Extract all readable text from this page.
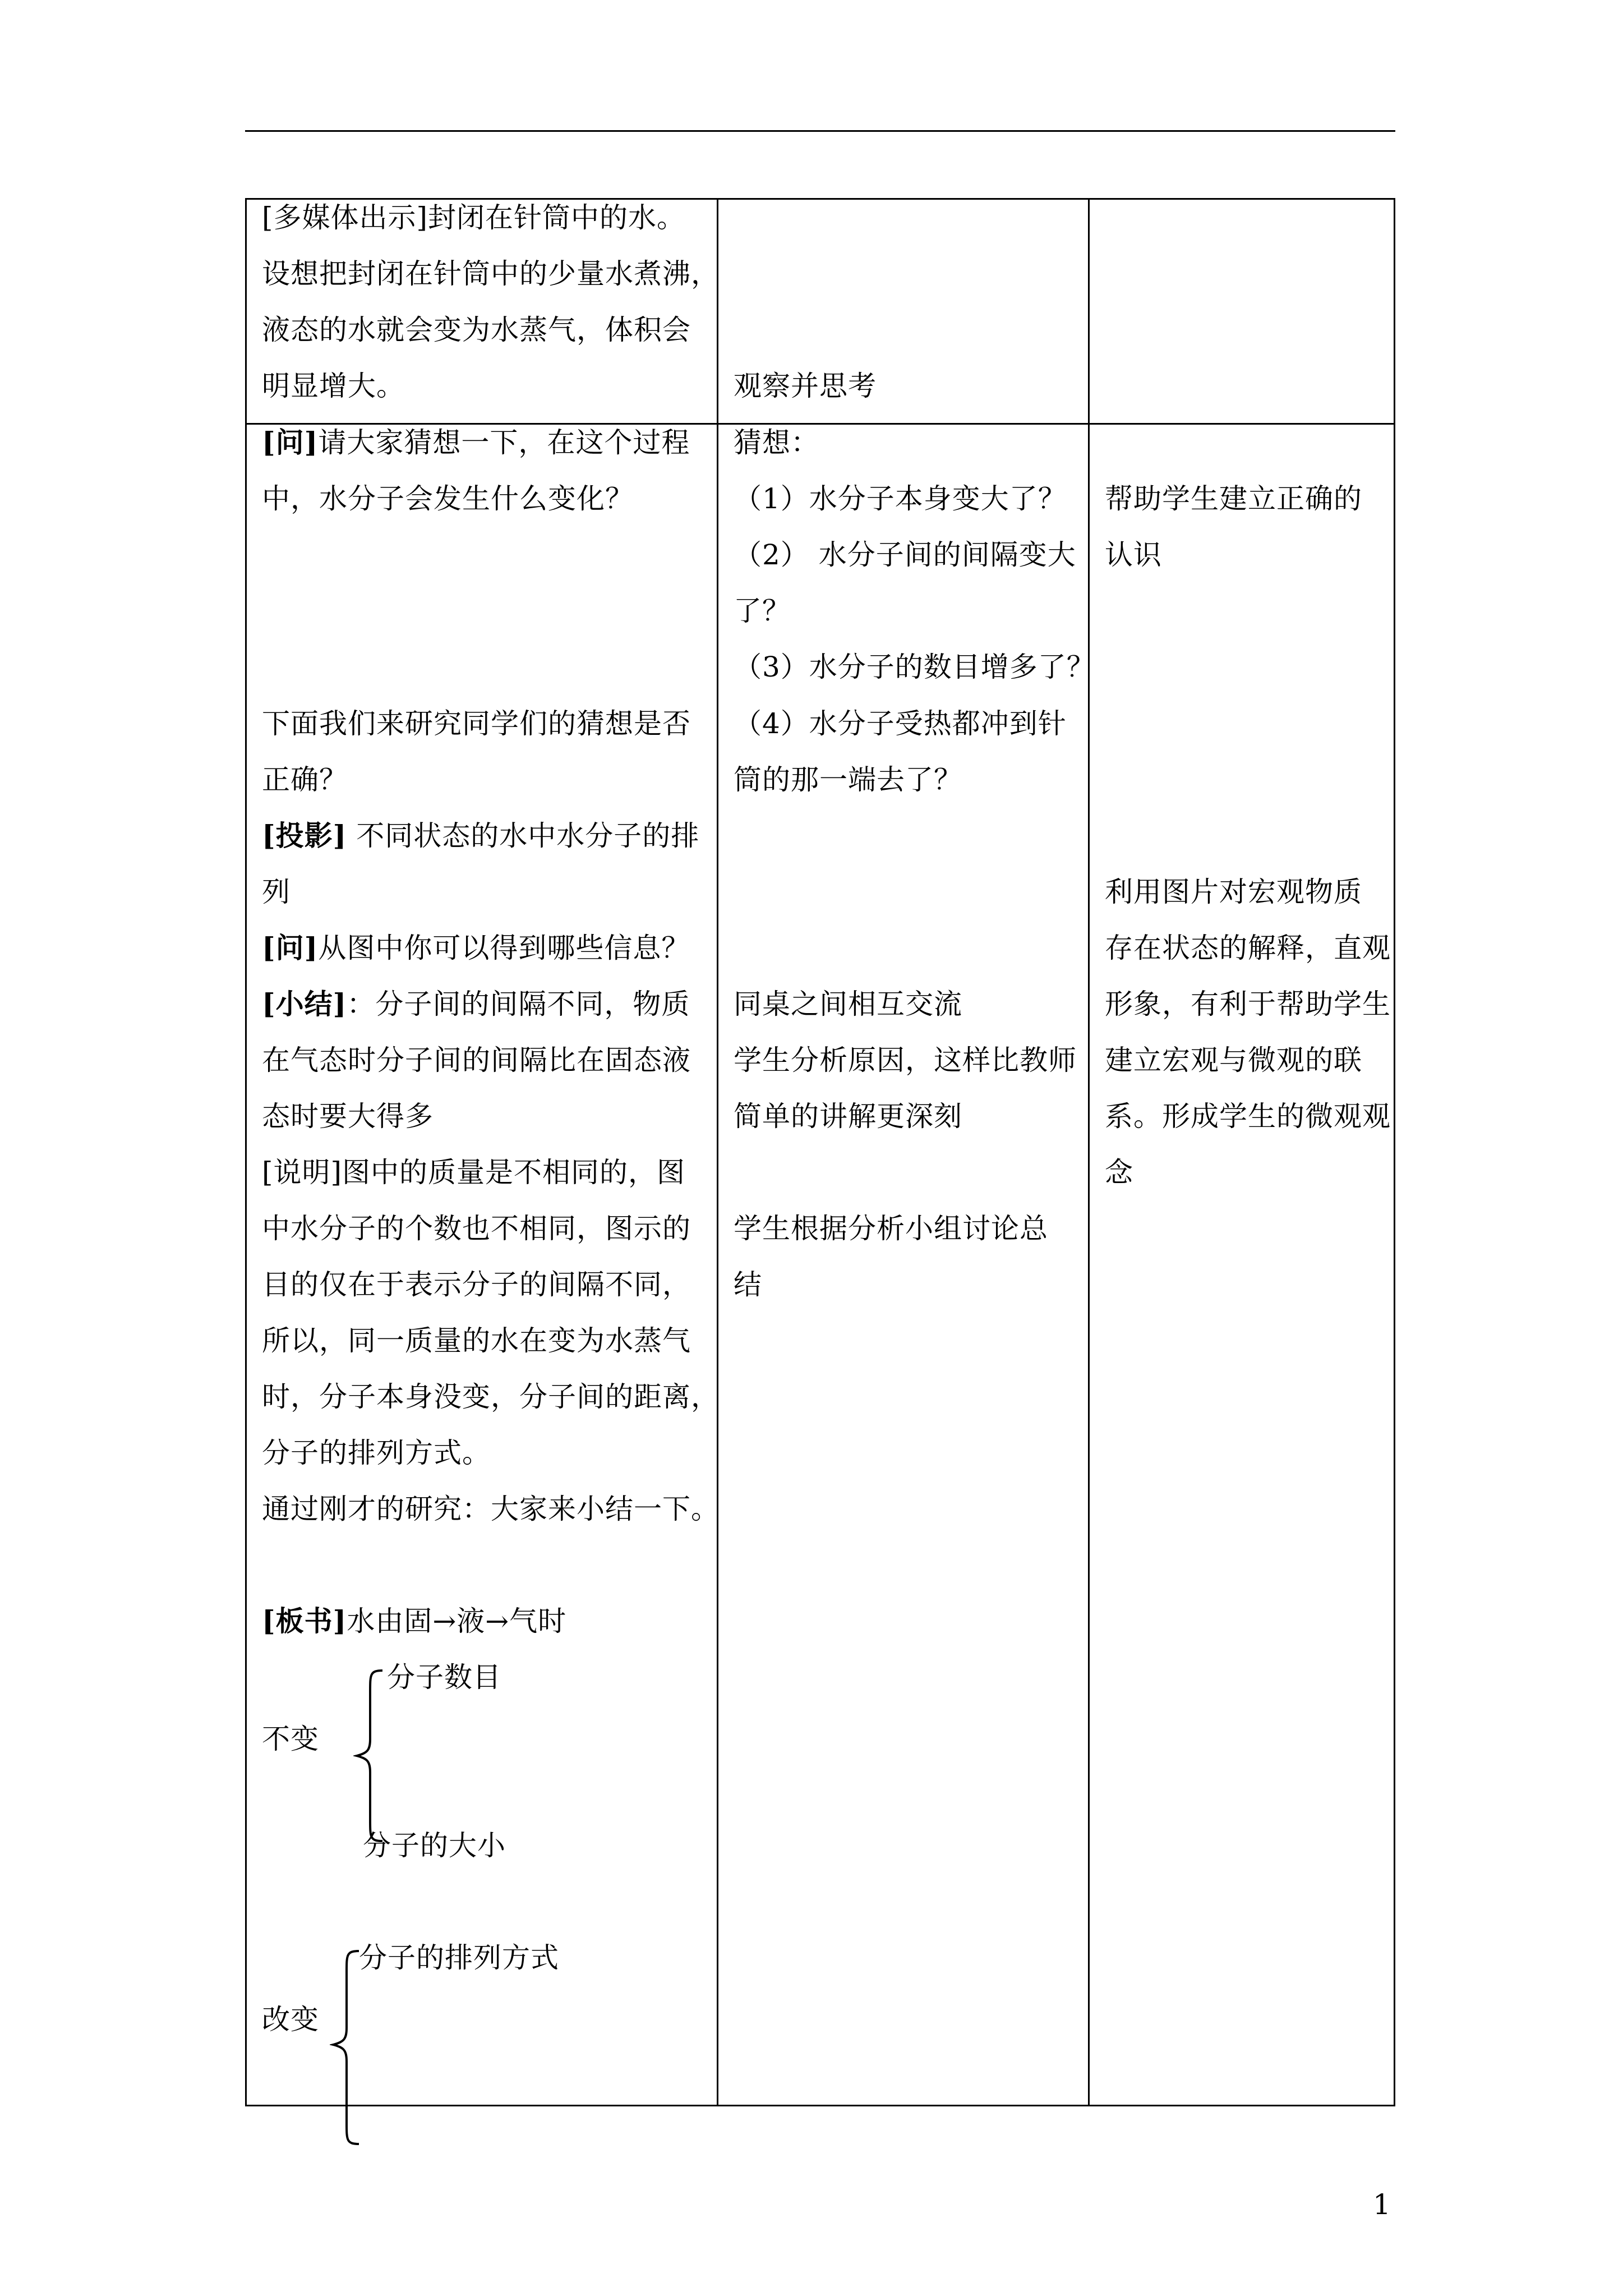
[多媒体出示]封闭在针筒中的水。
设想把封闭在针筒中的少量水煮沸，
液态的水就会变为水蒸气，体积会
明显增大。	观察并思考
[问]请大家猜想一下，在这个过程
中，水分子会发生什么变化？
下面我们来研究同学们的猜想是否
正确？
[投影] 不同状态的水中水分子的排
列
[问]从图中你可以得到哪些信息？
[小结]：分子间的间隔不同，物质
在气态时分子间的间隔比在固态液
态时要大得多
[说明]图中的质量是不相同的，图
中水分子的个数也不相同，图示的
目的仅在于表示分子的间隔不同，
所以，同一质量的水在变为水蒸气
时，分子本身没变，分子间的距离，
分子的排列方式。
通过刚才的研究：大家来小结一下。
[板书]水由固→液→气时
分子数目
不变
分子的大小
分子的排列方式
改变
猜想：
（1）水分子本身变大了？
（2） 水分子间的间隔变大
了？
（3）水分子的数目增多了？
（4）水分子受热都冲到针
筒的那一端去了？
同桌之间相互交流
学生分析原因，这样比教师
简单的讲解更深刻
学生根据分析小组讨论总
结
帮助学生建立正确的
认识
利用图片对宏观物质
存在状态的解释，直观
形象，有利于帮助学生
建立宏观与微观的联
系。形成学生的微观观
念
1
